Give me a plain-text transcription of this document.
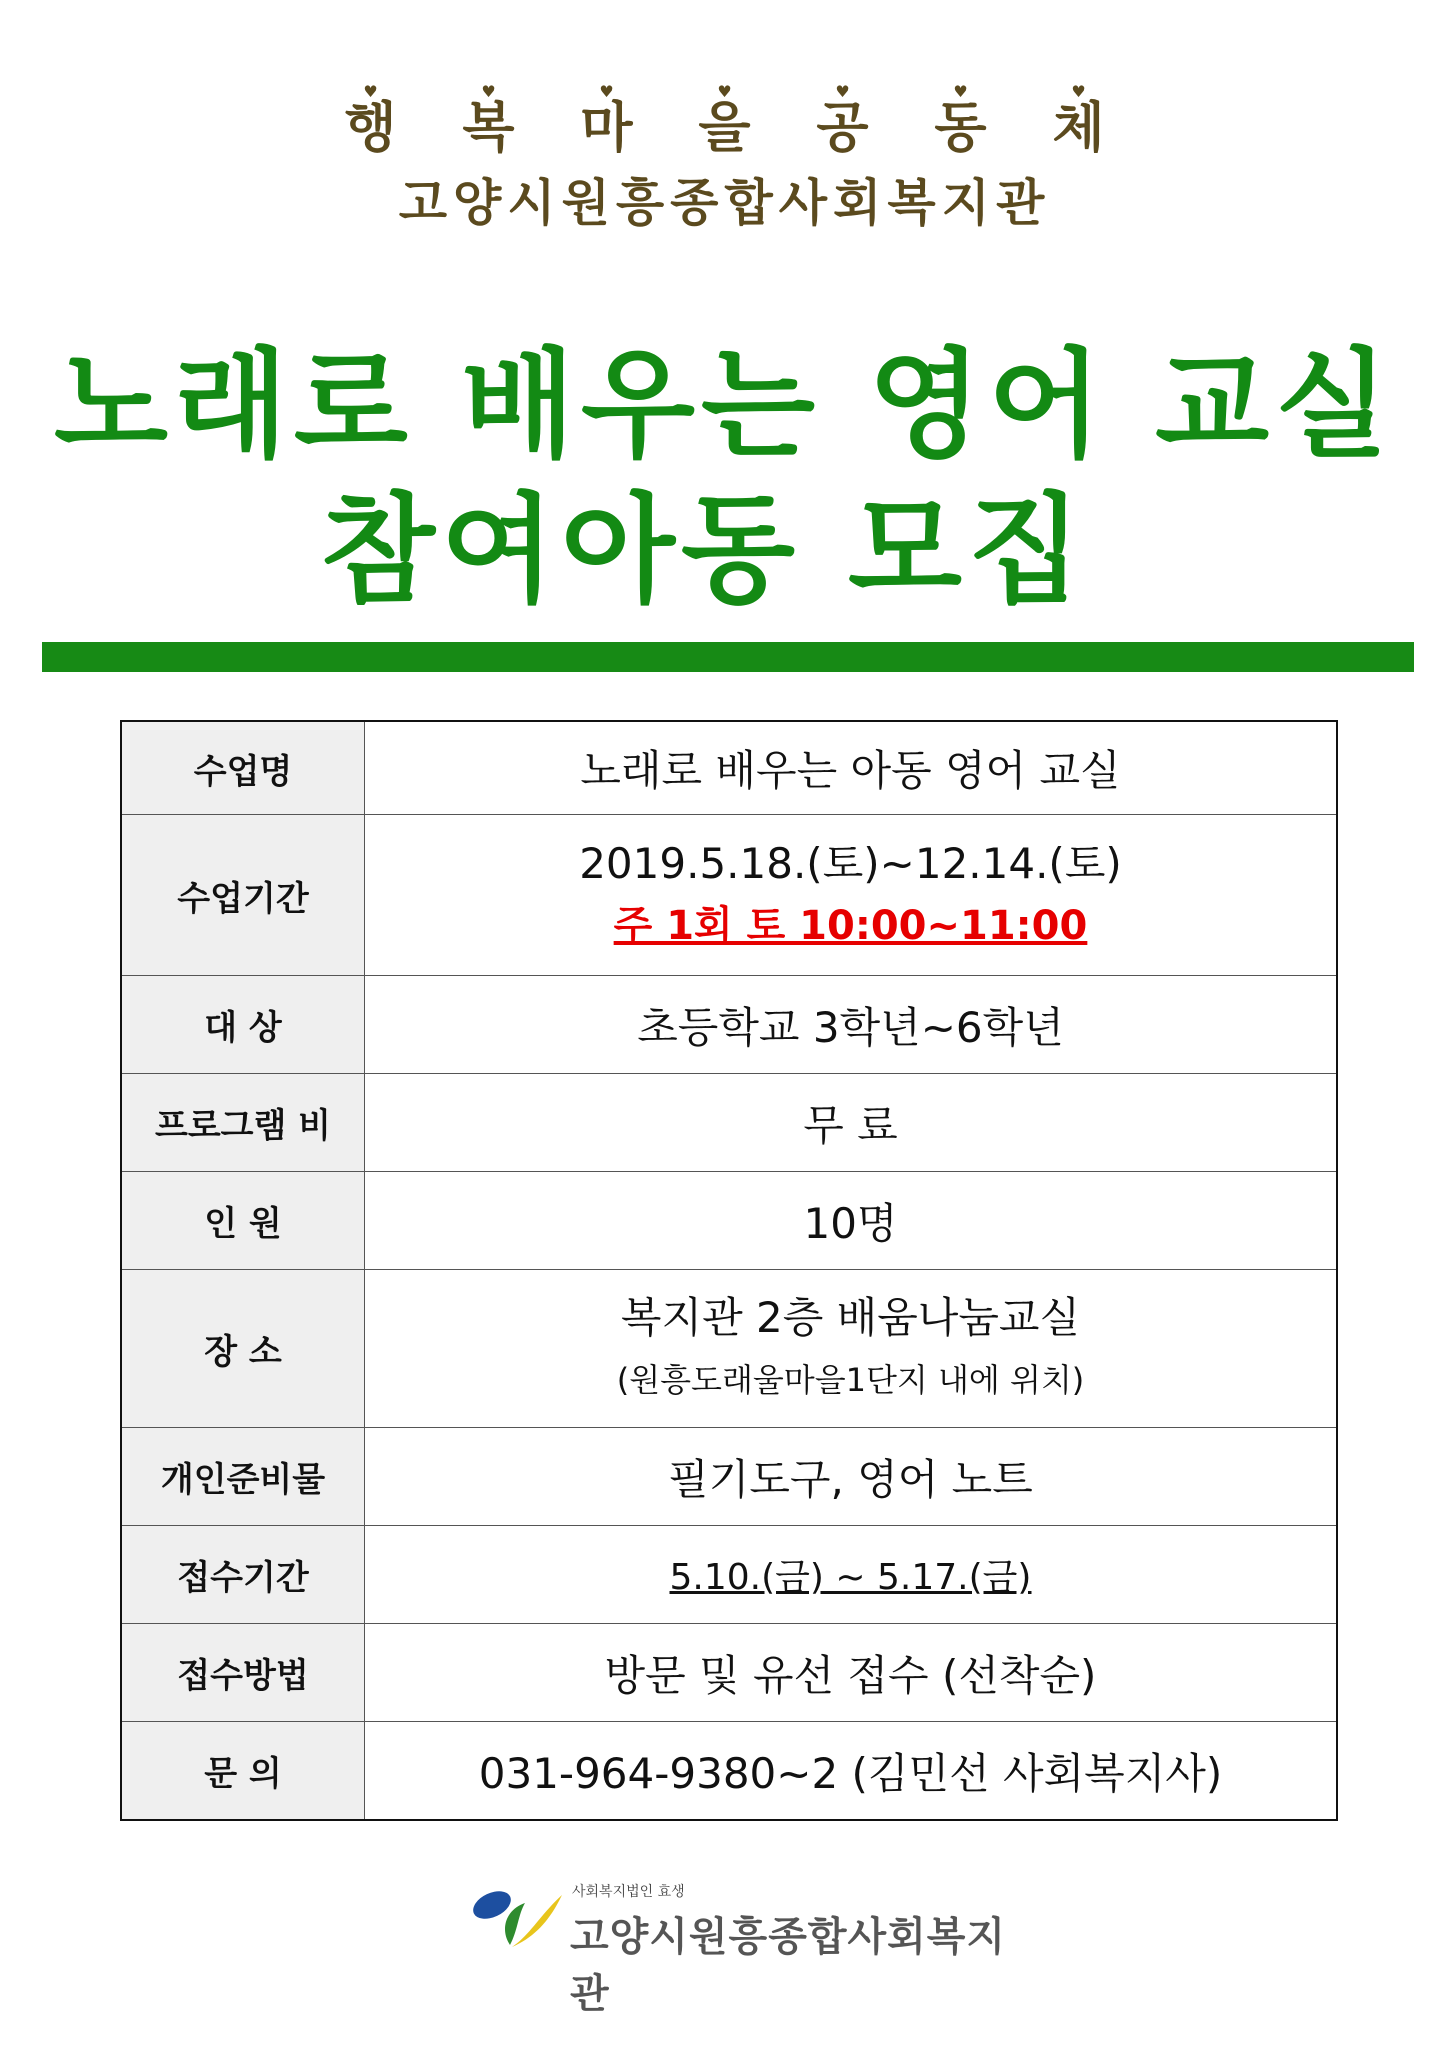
♥
행
♥
복
♥
마
♥
을
♥
공
♥
동
♥
체
고양시원흥종합사회복지관
노래로 배우는 영어 교실
참여아동 모집
수업명	노래로 배우는 아동 영어 교실
수업기간	2019.5.18.(토)~12.14.(토)
주 1회 토 10:00~11:00

대 상	초등학교 3학년~6학년
프로그램 비	무 료
인 원	10명
장 소	복지관 2층 배움나눔교실
(원흥도래울마을1단지 내에 위치)

개인준비물	필기도구, 영어 노트
접수기간	5.10.(금) ~ 5.17.(금)
접수방법	방문 및 유선 접수 (선착순)
문 의	031-964-9380~2 (김민선 사회복지사)
사회복지법인 효생
고양시원흥종합사회복지관
